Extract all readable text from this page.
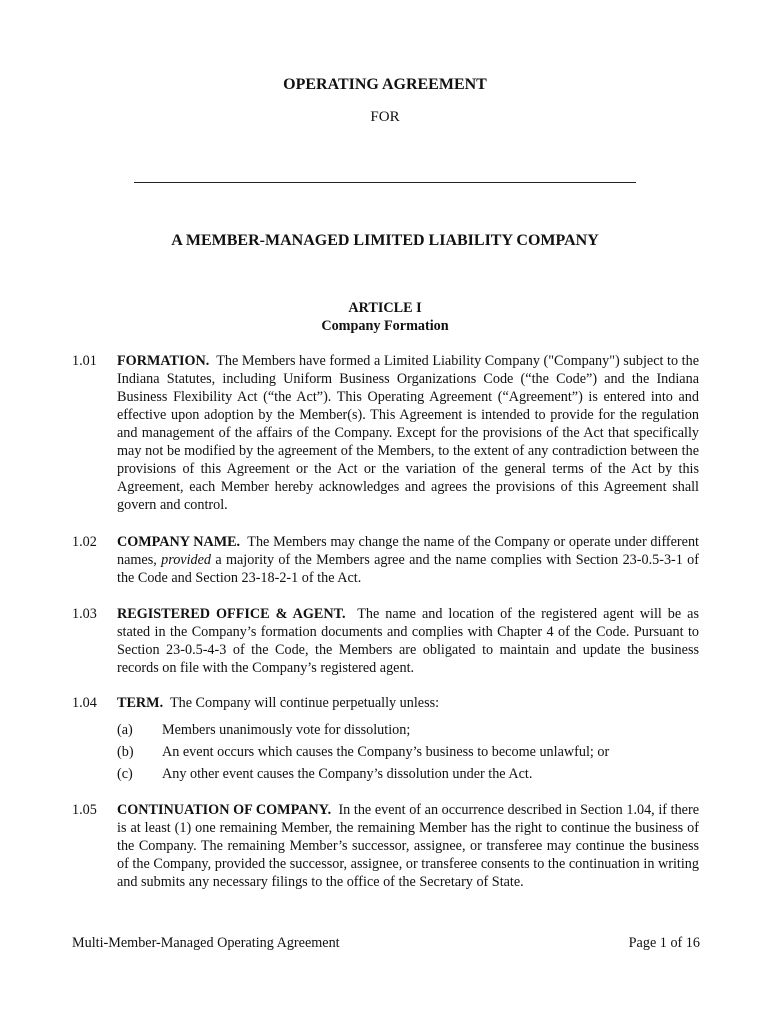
OPERATING AGREEMENT
FOR
A MEMBER-MANAGED LIMITED LIABILITY COMPANY
ARTICLE I
Company Formation
1.01	FORMATION. The Members have formed a Limited Liability Company ("Company") subject to the Indiana Statutes, including Uniform Business Organizations Code (“the Code”) and the Indiana Business Flexibility Act (“the Act”). This Operating Agreement (“Agreement”) is entered into and effective upon adoption by the Member(s). This Agreement is intended to provide for the regulation and management of the affairs of the Company. Except for the provisions of the Act that specifically may not be modified by the agreement of the Members, to the extent of any contradiction between the provisions of this Agreement or the Act or the variation of the general terms of the Act by this Agreement, each Member hereby acknowledges and agrees the provisions of this Agreement shall govern and control.
1.02	COMPANY NAME. The Members may change the name of the Company or operate under different names, provided a majority of the Members agree and the name complies with Section 23-0.5-3-1 of the Code and Section 23-18-2-1 of the Act.
1.03	REGISTERED OFFICE & AGENT. The name and location of the registered agent will be as stated in the Company’s formation documents and complies with Chapter 4 of the Code. Pursuant to Section 23-0.5-4-3 of the Code, the Members are obligated to maintain and update the business records on file with the Company’s registered agent.
1.04	TERM. The Company will continue perpetually unless:
(a) Members unanimously vote for dissolution;
(b) An event occurs which causes the Company’s business to become unlawful; or
(c) Any other event causes the Company’s dissolution under the Act.
1.05	CONTINUATION OF COMPANY. In the event of an occurrence described in Section 1.04, if there is at least (1) one remaining Member, the remaining Member has the right to continue the business of the Company. The remaining Member’s successor, assignee, or transferee may continue the business of the Company, provided the successor, assignee, or transferee consents to the continuation in writing and submits any necessary filings to the office of the Secretary of State.
Multi-Member-Managed Operating Agreement	Page 1 of 16
